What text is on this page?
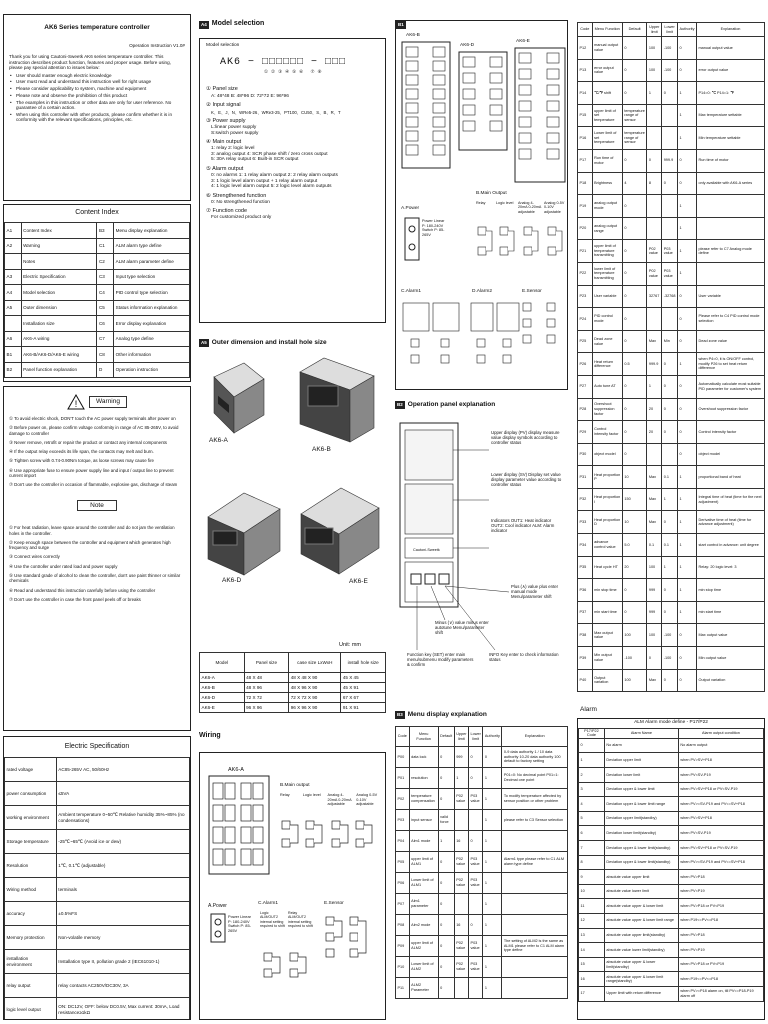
AK6 Series temperature controller
Operation Instruction V1.0#
Thank you for using Cautoni-Sweetk AK6 series temperature controller. This instruction describes product function, features and proper usage. Before using, please pay special attention to issues below:
• User should master enough electric knowledge
• User must read and understand this instruction well for right usage
• Please consider applicability to system, machine and equipment
• Please note and observe the prohibition of this product
• The examples in this instruction or other data are only for user reference. No guarantee of a certain action.
• When using this controller with other products, please confirm whether it is in conformity with the relevant specifications, principles, etc.
Content Index
A1	Content Index	B3	Menu display explanation
A2	Warning	C1	ALM alarm type define
	Notes	C2	ALM alarm parameter define
A3	Electric Specification	C3	Input type selection
A4	Model selection	C4	PID control type selection
A5	Outer dimension	C5	Status information explanation
	Installation size	C6	Error display explanation
A6	AK6-A wiring	C7	Analog type define
B1	AK6-B/AK6-D/AK6-E wiring	C8	Other information
B2	Panel function explanation	D	Operation instruction
!	Warning
① To avoid electric shock, DON'T touch the AC power supply terminals after power on
② Before power on, please confirm voltage conformity in range of AC 85-265V, to avoid damage to controller
③ Never remove, retrofit or repair the product or contact any internal components
④ If the output relay exceeds its life span, the contacts may melt and burn.
⑤ Tighten screw with 0.74-0.90Nm torque, as loose screws may cause fire
⑥ Use appropriate fuse to ensure power supply line and input / output line to prevent current import
⑦ Don't use the controller in occasion of flammable, explosive gas, discharge of steam
Note
① For heat radiation, leave space around the controller and do not jam the ventilation holes in the controller.
② Keep enough space between the controller and equipment which generates high frequency and surge
③ Connect wires correctly
④ Use the controller under rated load and power supply
⑤ Use standard grade of alcohol to clean the controller, don't use paint thinner or similar chemicals
⑥ Read and understand this instruction carefully before using the controller
⑦ Don't use the controller in case the front panel peels off or breaks
Electric Specification
rated voltage	AC85-265V AC, 50/60Hz
power consumption	≤5VA
working environment	Ambient temperature 0~50℃ Relative humidity 35%~85% (no condensations)
Storage temperature	-25℃~65℃ (Avoid ice or dew)
Resolution	1℃, 0.1℃ (adjustable)
Wiring method	terminals
accuracy	±0.5%FS
Memory protection	Non-volatile memory
installation environment	Installation type II, pollution grade 2 (IEC61010-1)
relay output	relay contacts AC250V/DC30V, 3A
logic level output	ON: DC12V, OFF: below DC0.5V, Max current: 30mA, Load resistance≥1kΩ
A4 Model selection
Model selection
AK6 − □□□□□□ − □□□
①②③④⑤⑥ ⑦⑧
① Panel size
A: 48*48 B: 48*96 D: 72*72 E: 96*96
② Input signal
K、E、J、N、WRe5-26、WRe3-25、PT100、CU50、S、B、R、T
③ Power supply
L:linear power supply
S:switch power supply
④ Main output
1: relay 2: logic level
3: analog output 4: SCR phase shift / zero cross output
5: 30A relay output 6: Built-in SCR output
⑤ Alarm output
0: no alarms 1: 1 relay alarm output 2: 2 relay alarm outputs
3: 1 logic level alarm output + 1 relay alarm output
4: 1 logic level alarm output 5: 2 logic level alarm outputs
⑥ Strengthened function
0: No strengthened function
⑦ Function code
For customized product only
A5 Outer dimension and install hole size
AK6-A
AK6-B
AK6-D	AK6-E
Unit: mm
Model	Panel size	case size LxWxH	install hole size
AK6-A	48 X 48	48 X 48 X 90	45 X 45
AK6-B	48 X 96	48 X 96 X 90	45 X 91
AK6-D	72 X 72	72 X 72 X 90	67 X 67
AK6-E	96 X 96	96 X 96 X 90	91 X 91
Wiring
AK6-A
B.Main output
Relay	Logic level	Analog 4-20mA 0-20mA adjustable
Analog 0-5V 0-10V adjustable
A.Power
Power Linear P: 180-240V Switch P: 85-265V
C.Alarm1
Logic ALM/OUT2 internal setting required to shift
Relay ALM/OUT2 internal setting required to shift
E.Sensor
B1
AK6-B
AK6-D
AK6-E
B.Main Output
Relay	Logic level	Analog 4-20mA 0-20mA adjustable
Analog 0-5V 0-10V adjustable
A.Power
Power Linear P: 180-240V Switch P: 85-265V
C.Alarm1	D.Alarm2	E.Sensor
B2 Operation panel explanation
Cautoni-Sweetk
Upper display (PV) display measure value display symbols according to controller status
Lower display (SV) Display set value display parameter value according to controller status
Indicators OUT1: Heat indicator OUT2: Cool indicator ALM: Alarm indicator
Plus (∧) value plus enter manual mode Menu/parameter shift
Minus (∨) value minus enter autotune Menu/parameter shift
Function key (SET) enter main menu/submenu modify parameters & confirm
INFO Key enter to check information status
B3 Menu display explanation
Code	Menu Function	Default	Upper limit	Lower limit	Authority	Explanation
P00	data lock	0	999	0	0	0-9 data authority 1 / 10 data authority 10-20 data authority 100 default to factory setting
P01	resolution	0	1	0	1	P01=0: No decimal point P01=1: Decimal one point
P02	temperature compensation	0	P02 value	P03 value	1	To modify temperature affected by sensor position or other problem
P03	input sensor	valid force			1	please refer to C3 Sensor selection
P04	Alm1 mode	1	16	0	1	
P05	upper limit of ALM1	0	P02 value	P03 value	1	Alarm1 type please refer to C1 ALM alarm type define
P06	Lower limit of ALM1	0	P02 value	P03 value	1	
P07	Alm1 parameter	0			1	
P08	Alm2 mode	0	16	0	1	
P09	upper limit of ALM2	0	P02 value	P03 value	1	The setting of ALM2 is the same as ALM1 please refer to C1 ALM alarm type define
P10	Lower limit of ALM2	0	P02 value	P03 value	1	
P11	ALM2 Parameter	0			1	
Code	Menu Function	Default	Upper limit	Lower limit	Authority	Explanation
P12	manual output value	0	100	-100	0	manual output value
P13	error output value	0	100	-100	0	error output value
P14	℃/℉ shift	0	1	0	1	P14=0: ℃ P14=1: ℉
P15	upper limit of set temperature	temperature range of sensor			1	Max temperature settable
P16	Lower limit of set temperature	temperature range of sensor			1	Min temperature settable
P17	Run time of motor	0	0	999.9	0	Run time of motor
P18	Brightness	4	8	0	0	only available with AK6-A series
P19	analog output mode	0			1	
P20	analog output range	0			1	
P21	upper limit of temperature transmitting	0	P02 value	P03 value	1	please refer to C7 Analog mode define
P22	lower limit of temperature transmitting	0	P02 value	P03 value	1	
P23	User variable	0	32767	-32768	0	User variable
P24	PID control mode	0			0	Please refer to C4 PID control mode selection
P25	Dead zone value	0	Max	Min	0	Dead zone value
P26	Heat return difference	0.5	999.9	0	1	when P4=0, it is ON/OFF control, modify P26 to set heat return difference
P27	Auto tune AT	0	1	0	0	Automatically calculate most suitable PID parameter for customer's system
P28	Overshoot suppression factor	0	20	0	0	Overshoot suppression factor
P29	Control intensity factor	0	20	0	0	Control intensity factor
P30	object model	0			0	object model
P31	Heat proportion P	10	Max	0.1	1	proportional band of heat
P32	Heat proportion I	150	Max	1	1	Integral time of heat (time for the next adjustment)
P33	Heat proportion D	10	Max	0	1	Derivative time of heat (time for advance adjustment)
P34	advance control value	5.0	0.1	0.1	1	start control in advance: unit degree
P35	Heat cycle HT	20	100	1	1	Relay: 20 logic level: 3
P36	min stop time	0	999	0	1	min stop time
P37	min start time	0	999	0	1	min start time
P38	Max output value	100	100	-100	0	Max output value
P39	Min output value	-100	0	-100	0	Min output value
P40	Output variation	100	Max	0	0	Output variation
Alarm
ALM Alarm mode define - P17/P22
P17/P22 Code	Alarm Name	Alarm output condition
0	No alarm	No alarm output
1	Deviation upper limit	when PV>SV+P18
2	Deviation lower limit	when PV<SV-P19
3	Deviation upper & lower limit	when PV>SV+P18 or PV<SV-P19
4	Deviation upper & lower limit range	when PV>=SV-P19 and PV<=SV+P18
5	Deviation upper limit(standby)	when PV>SV+P18
6	Deviation lower limit(standby)	when PV<SV-P19
7	Deviation upper & lower limit(standby)	when PV>SV+P18 or PV<SV-P19
8	Deviation upper & lower limit(standby)	when PV>=SV-P19 and PV<=SV+P18
9	absolute value upper limit	when PV>P18
10	absolute value lower limit	when PV<P19
11	absolute value upper & lower limit	when PV>P18 or PV<P19
12	absolute value upper & lower limit range	when P19<=PV<=P18
13	absolute value upper limit(standby)	when PV>P18
14	absolute value lower limit(standby)	when PV<P19
15	absolute value upper & lower limit(standby)	when PV>P18 or PV<P19
16	absolute value upper & lower limit range(standby)	when P19<=PV<=P18
17	Upper limit with return difference	when PV>=P18 alarm on, till PV<=P18-P19 alarm off
